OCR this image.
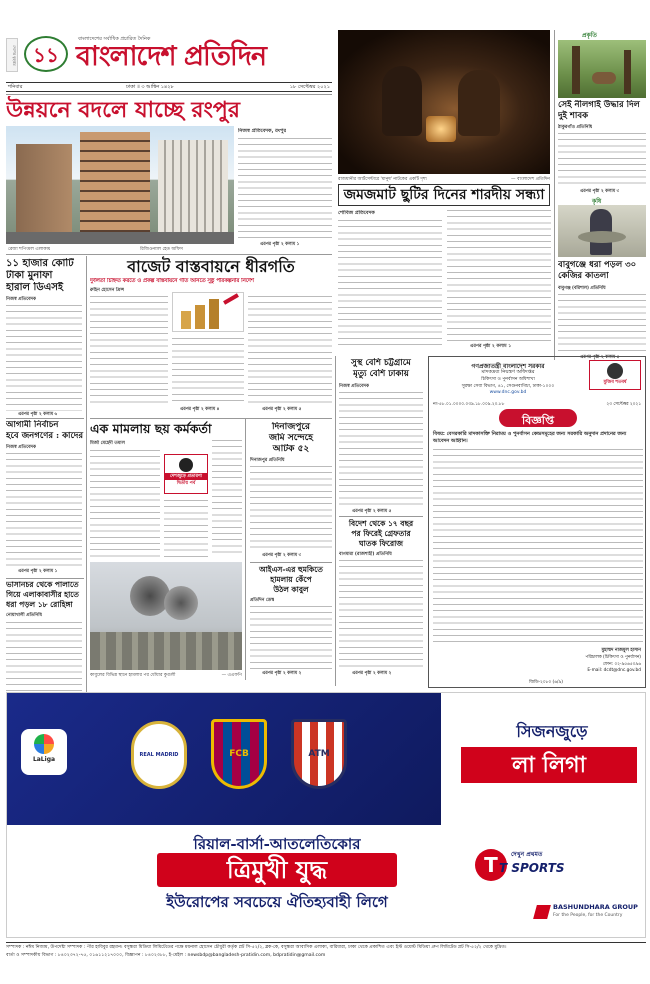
দেশের বৃহত্তম ১১
বাংলাদেশের সর্বাধিক প্রচারিত দৈনিক
বাংলাদেশ প্রতিদিন
শনিবার	ঢাকা ॥ ৩ আশ্বিন ১৪২৮	১৮ সেপ্টেম্বর ২০২১
রাজধানীর আর্টসেন্টারে 'মানুষ' নাটকের একটি দৃশ্য	— বাংলাদেশ প্রতিদিন
জমজমাট ছুটির দিনের শারদীয় সন্ধ্যা
শোবিজ প্রতিবেদক
এরপর পৃষ্ঠা ২ কলাম ১
প্রকৃতি
সেই নীলগাই উদ্ধার দিল দুই শাবক
ঠাকুরগাঁও প্রতিনিধি
এরপর পৃষ্ঠা ২ কলাম ৩
কৃষি
বাবুগঞ্জে ধরা পড়ল ৩০ কেজির কাতলা
বাবুগঞ্জ (বরিশাল) প্রতিনিধি
এরপর পৃষ্ঠা ২ কলাম ৫
উন্নয়নে বদলে যাচ্ছে রংপুর
রেজা শপিংমল এলাকায়	রিজিওন্যাল হেড অফিস
নিজস্ব প্রতিবেদক, রংপুর
এরপর পৃষ্ঠা ২ কলাম ১
১১ হাজার কোটি
টাকা মুনাফা
হারাল ডিএসই
নিজস্ব প্রতিবেদক
এরপর পৃষ্ঠা ২ কলাম ৬
বাজেট বাস্তবায়নে ধীরগতি
দুর্বলতা চিহ্নিত করতে ও প্রকল্প বাস্তবায়নে গতি আনতে সুষ্ঠু পরিকল্পনার নির্দেশ
রুহিন হোসেন প্রিন্স
এরপর পৃষ্ঠা ২ কলাম ৪	এরপর পৃষ্ঠা ২ কলাম ৫
আগামী নির্বাচন
হবে জনগণের : কাদের
নিজস্ব প্রতিবেদক
এরপর পৃষ্ঠা ২ কলাম ১
ভাসানচর থেকে পালাতে
গিয়ে এলাকাবাসীর হাতে
ধরা পড়ল ১৮ রোহিঙ্গা
নোয়াখালী প্রতিনিধি
এক মামলায় ছয় কর্মকর্তা
মির্জা মেহেদী তমাল
দেশজুড়ে প্রতারণা
দ্বিতীয় পর্ব
কাবুলের বিভিন্ন স্থানে হামলার পর ধোঁয়ার কুণ্ডলী	— এএফপি
দিনাজপুরে
জমি সন্দেহে
আটক ৫২
দিনাজপুর প্রতিনিধি
এরপর পৃষ্ঠা ২ কলাম ৩
আইএস-এর হুমকিতে
হামলায় কেঁপে
উঠল কাবুল
প্রতিদিন ডেস্ক
এরপর পৃষ্ঠা ২ কলাম ২
সুস্থ বেশি চট্টগ্রামে
মৃত্যু বেশি ঢাকায়
নিজস্ব প্রতিবেদক
এরপর পৃষ্ঠা ২ কলাম ৫
বিদেশ থেকে ১৭ বছর
পর ফিরেই গ্রেফতার
ঘাতক ফিরোজ
বাগমারা (রাজশাহী) প্রতিনিধি
এরপর পৃষ্ঠা ২ কলাম ২
গণপ্রজাতন্ত্রী বাংলাদেশ সরকার
মাদকদ্রব্য নিয়ন্ত্রণ অধিদপ্তর
চিকিৎসা ও পুনর্বাসন অধিশাখা
সুরক্ষা সেবা বিভাগ, ৪১, সেগুনবাগিচা, ঢাকা-১০০০
www.dnc.gov.bd
মুজিব শতবর্ষ
নং-৫৮.০১.০০০০.০৩৯.১৮.০০৯.২০.৮৮	২৩ সেপ্টেম্বর ২০২১
বিজ্ঞপ্তি
বিষয়: বেসরকারি মাদকাসক্তি নিরাময় ও পুনর্বাসন কেন্দ্রসমূহের জন্য সরকারি অনুদান প্রদানের জন্য আবেদন আহ্বান।
মুহাম্মদ নাজমুল হাসান
পরিচালক (চিকিৎসা ও পুনর্বাসন)
ফোন: ০২-৯৫৬৫০৯৬
E-mail: dcdt@dnc.gov.bd
জিডি-২০৮০ (৬/৯)
LaLiga
REAL MADRID	FCB	ATM
রিয়াল-বার্সা-আতলেতিকোর
ত্রিমুখী যুদ্ধ
ইউরোপের সবচেয়ে ঐতিহ্যবাহী লিগে
সিজনজুড়ে
লা লিগা
T	দেখুন প্রথমত
T SPORTS
BASHUNDHARA GROUP
For the People, for the Country
সম্পাদক : নঈম নিজাম, উপদেষ্টা সম্পাদক : পীর হাবিবুর রহমান। বসুন্ধরা মিডিয়া লিমিটেডের পক্ষে ময়নাল হোসেন চৌধুরী কর্তৃক প্লট সি-৫২/২, ব্লক-কে, বসুন্ধরা আবাসিক এলাকা, বারিধারা, ঢাকা থেকে প্রকাশিত এবং ইস্ট ওয়েস্ট মিডিয়া গ্রুপ লিমিটেড প্লট সি-৫২/২ থেকে মুদ্রিত।
বার্তা ও সম্পাদকীয় বিভাগ : ৮৪০২৩৭২-৭৫, ০১৬১১২১৭০০০, বিজ্ঞাপন : ৮৪০২৩৮৮, ই-মেইল : newsbdp@bangladesh-pratidin.com, bdpratidin@gmail.com
